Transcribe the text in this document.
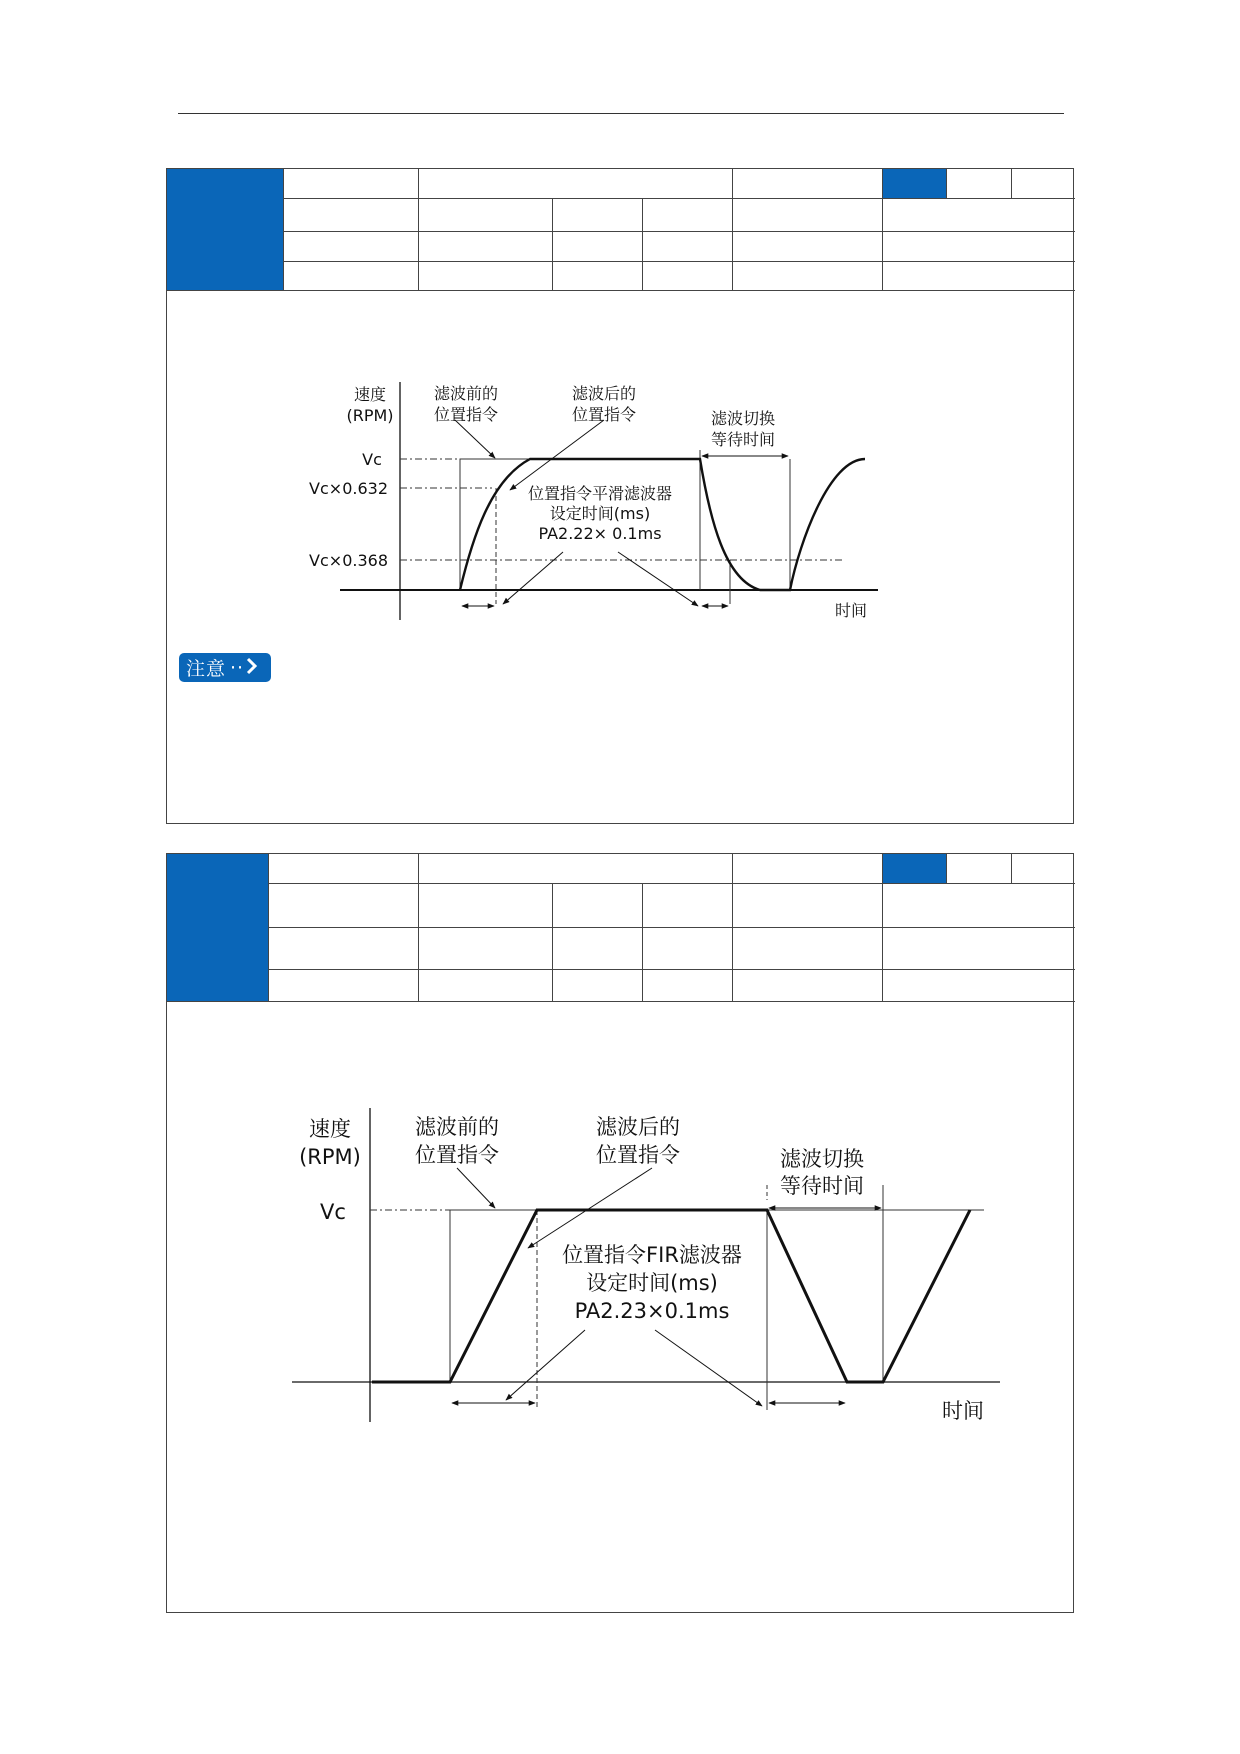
速度
(RPM)
Vc
Vc×0.632
Vc×0.368
滤波前的
位置指令
滤波后的
位置指令	滤波切换
等待时间
位置指令平滑滤波器
设定时间(ms)
PA2.22× 0.1ms
时间
注意 ··
速度
(RPM)
Vc
滤波前的
位置指令
滤波后的
位置指令	滤波切换
等待时间
位置指令FIR滤波器
设定时间(ms)
PA2.23×0.1ms
时间
